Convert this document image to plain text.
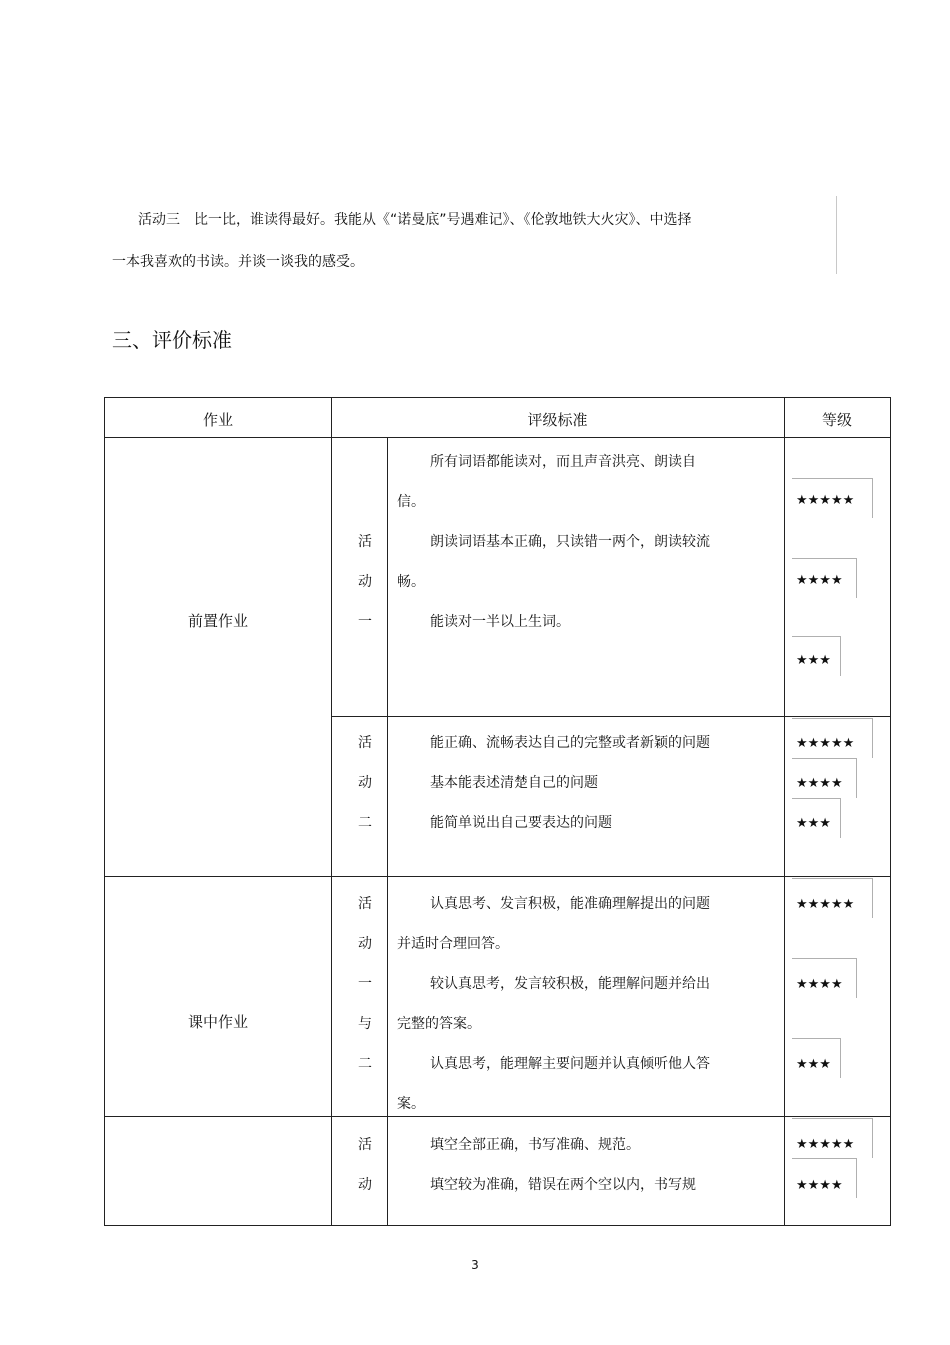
活动三　比一比，谁读得最好。我能从《“诺曼底”号遇难记》、《伦敦地铁大火灾》、中选择
一本我喜欢的书读。并谈一谈我的感受。
三、评价标准
作业	评级标准	等级
前置作业
活
动
一
所有词语都能读对，而且声音洪亮、朗读自
信。
朗读词语基本正确，只读错一两个，朗读较流
畅。
能读对一半以上生词。
★★★★★
★★★★
★★★
活
动
二
能正确、流畅表达自己的完整或者新颖的问题
基本能表述清楚自己的问题
能简单说出自己要表达的问题
★★★★★
★★★★
★★★
课中作业
活
动
一
与
二
认真思考、发言积极，能准确理解提出的问题
并适时合理回答。
较认真思考，发言较积极，能理解问题并给出
完整的答案。
认真思考，能理解主要问题并认真倾听他人答
案。
★★★★★
★★★★
★★★
活
动
填空全部正确，书写准确、规范。
填空较为准确，错误在两个空以内，书写规
★★★★★
★★★★
3
